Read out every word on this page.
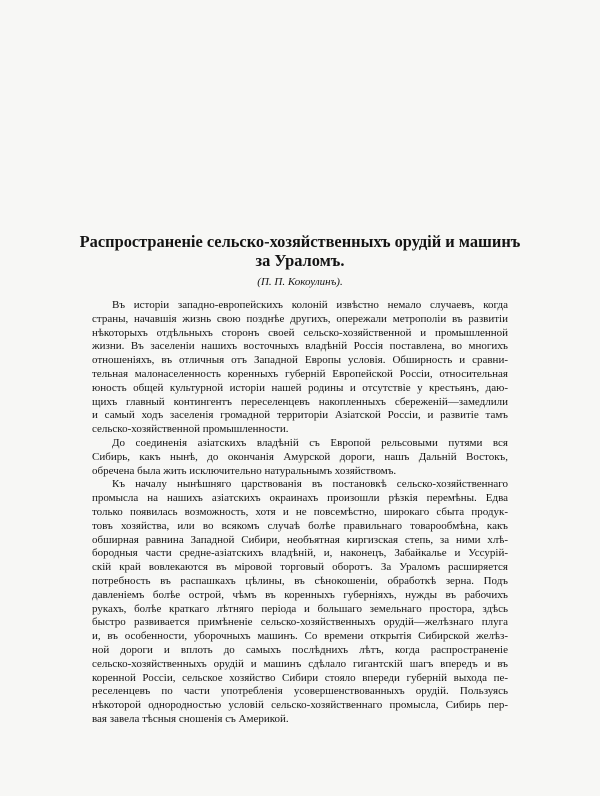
Распространеніе сельско-хозяйственныхъ орудій и машинъ
за Ураломъ.
(П. П. Кокоулинъ).
Въ исторіи западно-европейскихъ колоній извѣстно немало случаевъ, когда
страны, начавшія жизнь свою позднѣе другихъ, опережали метрополіи въ развитіи
нѣкоторыхъ отдѣльныхъ сторонъ своей сельско-хозяйственной и промышленной
жизни. Въ заселеніи нашихъ восточныхъ владѣній Россія поставлена, во многихъ
отношеніяхъ, въ отличныя отъ Западной Европы условія. Обширность и сравни-
тельная малонаселенность коренныхъ губерній Европейской Россіи, относительная
юность общей культурной исторіи нашей родины и отсутствіе у крестьянъ, даю-
щихъ главный контингентъ переселенцевъ накопленныхъ сбереженій—замедлили
и самый ходъ заселенія громадной территоріи Азіатской Россіи, и развитіе тамъ
сельско-хозяйственной промышленности.
До соединенія азіатскихъ владѣній съ Европой рельсовыми путями вся
Сибирь, какъ нынѣ, до окончанія Амурской дороги, нашъ Дальній Востокъ,
обречена была жить исключительно натуральнымъ хозяйствомъ.
Къ началу нынѣшняго царствованія въ постановкѣ сельско-хозяйственнаго
промысла на нашихъ азіатскихъ окраинахъ произошли рѣзкія перемѣны. Едва
только появилась возможность, хотя и не повсемѣстно, широкаго сбыта продук-
товъ хозяйства, или во всякомъ случаѣ болѣе правильнаго товарообмѣна, какъ
обширная равнина Западной Сибири, необъятная киргизская степь, за ними хлѣ-
бородныя части средне-азіатскихъ владѣній, и, наконецъ, Забайкалье и Уссурій-
скій край вовлекаются въ міровой торговый оборотъ. За Ураломъ расширяется
потребность въ распашкахъ цѣлины, въ сѣнокошеніи, обработкѣ зерна. Подъ
давленіемъ болѣе острой, чѣмъ въ коренныхъ губерніяхъ, нужды въ рабочихъ
рукахъ, болѣе краткаго лѣтняго періода и большаго земельнаго простора, здѣсь
быстро развивается примѣненіе сельско-хозяйственныхъ орудій—желѣзнаго плуга
и, въ особенности, уборочныхъ машинъ. Со времени открытія Сибирской желѣз-
ной дороги и вплоть до самыхъ послѣднихъ лѣтъ, когда распространеніе
сельско-хозяйственныхъ орудій и машинъ сдѣлало гигантскій шагъ впередъ и въ
коренной Россіи, сельское хозяйство Сибири стояло впереди губерній выхода пе-
реселенцевъ по части употребленія усовершенствованныхъ орудій. Пользуясь
нѣкоторой однородностью условій сельско-хозяйственнаго промысла, Сибирь пер-
вая завела тѣсныя сношенія съ Америкой.
